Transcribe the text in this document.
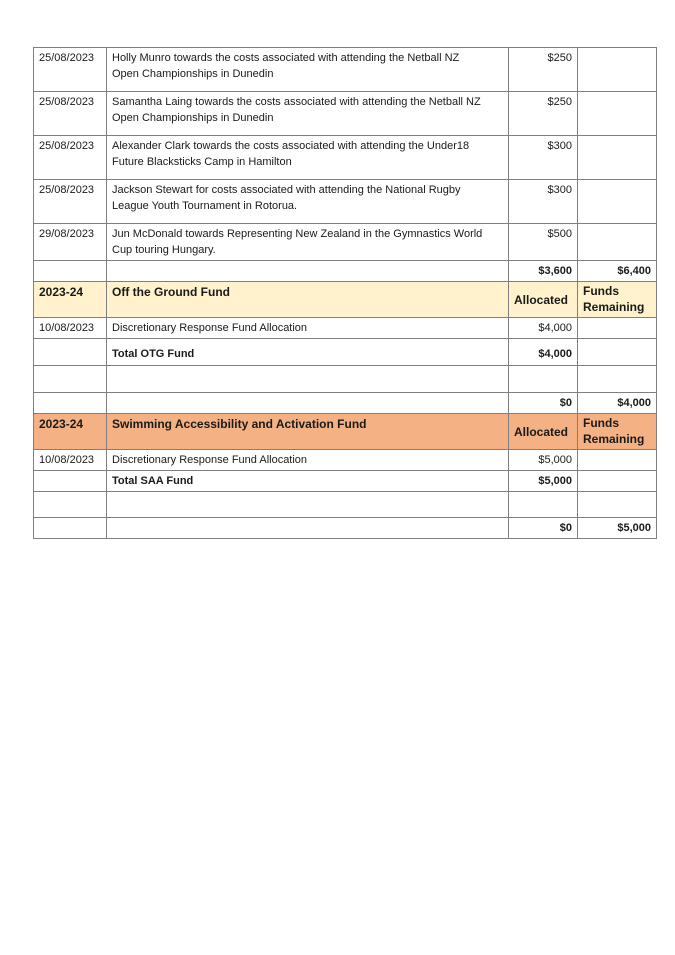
25/08/2023	Holly Munro towards the costs associated with attending the Netball NZ
Open Championships in Dunedin	$250	
25/08/2023	Samantha Laing towards the costs associated with attending the Netball NZ
Open Championships in Dunedin	$250	
25/08/2023	Alexander Clark towards the costs associated with attending the Under18
Future Blacksticks Camp in Hamilton	$300	
25/08/2023	Jackson Stewart for costs associated with attending the National Rugby
League Youth Tournament in Rotorua.	$300	
29/08/2023	Jun McDonald towards Representing New Zealand in the Gymnastics World
Cup touring Hungary.	$500	
		$3,600	$6,400
2023-24	Off the Ground Fund	Allocated	Funds
Remaining
10/08/2023	Discretionary Response Fund Allocation	$4,000	
	Total OTG Fund	$4,000	

		$0	$4,000
2023-24	Swimming Accessibility and Activation Fund	Allocated	Funds
Remaining
10/08/2023	Discretionary Response Fund Allocation	$5,000	
	Total SAA Fund	$5,000	

		$0	$5,000
